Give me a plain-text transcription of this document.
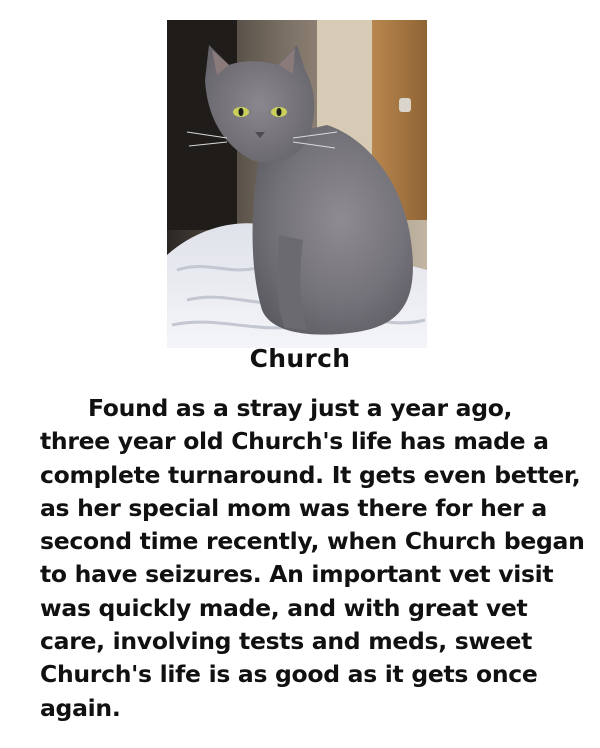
Church

Found as a stray just a year ago,

three year old Church's life has made a

complete turnaround. It gets even better,

as her special mom was there for her a

second time recently, when Church began

to have seizures. An important vet visit

was quickly made, and with great vet

care, involving tests and meds, sweet

Church's life is as good as it gets once

again.
